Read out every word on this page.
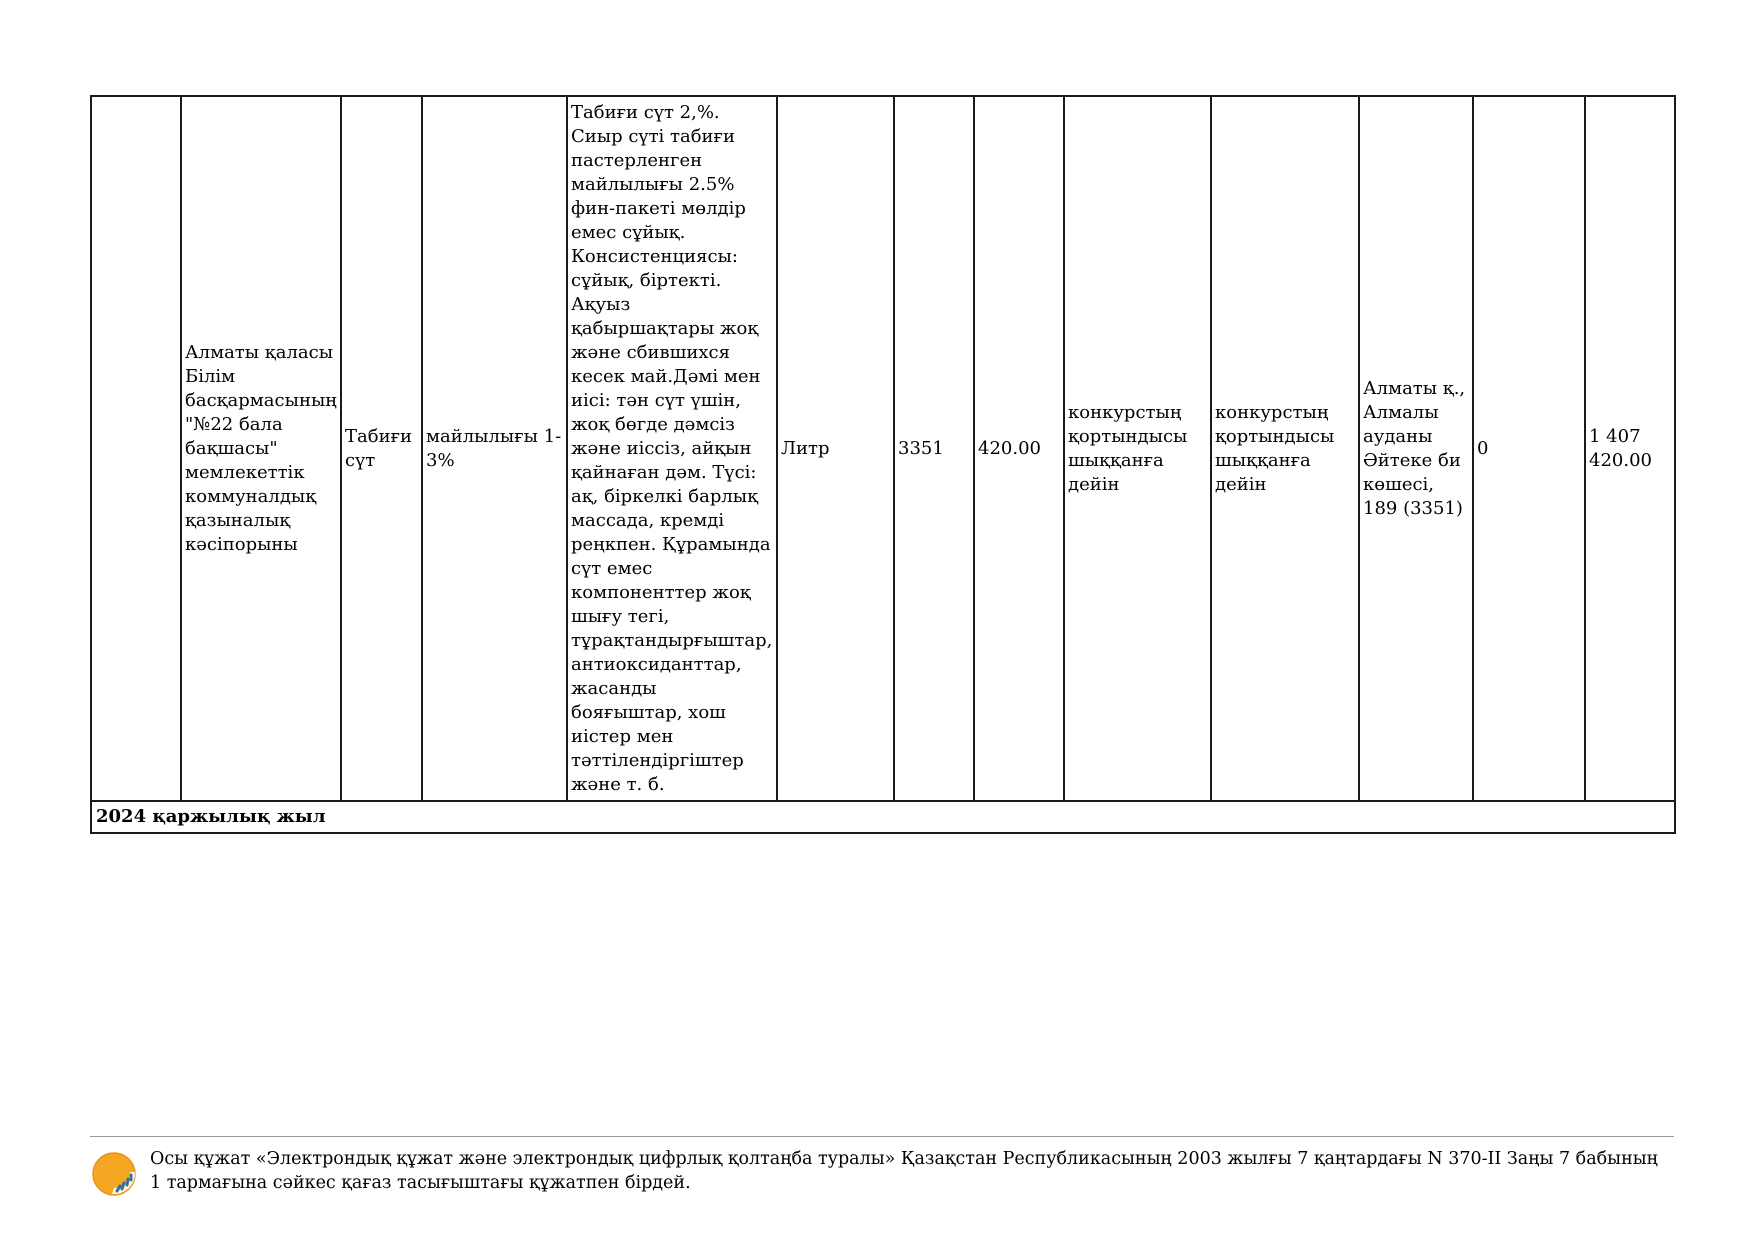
	Алматы қаласы Білім басқармасының "№22 бала бақшасы" мемлекеттік коммуналдық қазыналық кәсіпорыны	Табиғи сүт	майлылығы 1-3%	Табиғи сүт 2,%. Сиыр сүті табиғи пастерленген майлылығы 2.5% фин-пакеті мөлдір емес сұйық. Консистенциясы: сұйық, біртекті. Ақуыз қабыршақтары жоқ және сбившихся кесек май.Дәмі мен иісі: тән сүт үшін, жоқ бөгде дәмсіз және иіссіз, айқын қайнаған дәм. Түсі: ақ, біркелкі барлық массада, кремді реңкпен. Құрамында сүт емес компоненттер жоқ шығу тегі, тұрақтандырғыштар, антиоксиданттар, жасанды бояғыштар, хош иістер мен тәттілендіргіштер және т. б.	Литр	3351	420.00	конкурстың қортындысы шыққанға дейін	конкурстың қортындысы шыққанға дейін	Алматы қ., Алмалы ауданы Әйтеке би көшесі, 189 (3351)	0	1 407 420.00
2024 қаржылық жыл
Осы құжат «Электрондық құжат және электрондық цифрлық қолтаңба туралы» Қазақстан Республикасының 2003 жылғы 7 қаңтардағы N 370-II Заңы 7 бабының 1 тармағына сәйкес қағаз тасығыштағы құжатпен бірдей.
